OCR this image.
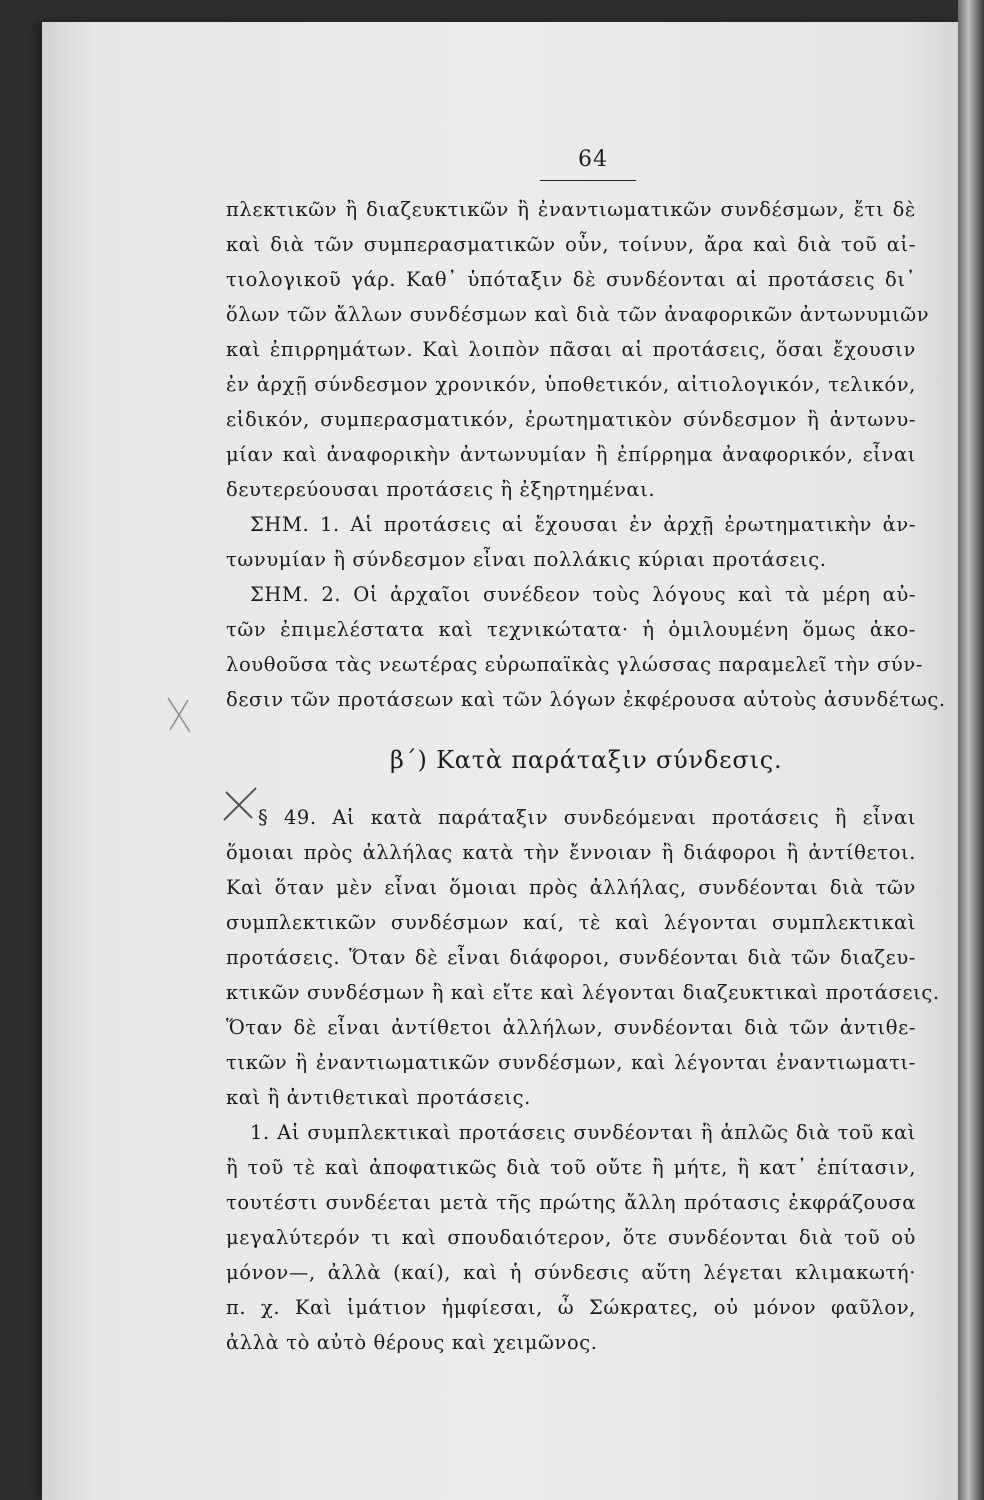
64
πλεκτικῶν ἢ διαζευκτικῶν ἢ ἐναντιωματικῶν συνδέσμων, ἔτι δὲ
καὶ διὰ τῶν συμπερασματικῶν οὖν, τοίνυν, ἄρα καὶ διὰ τοῦ αἰ-
τιολογικοῦ γάρ. Καθ᾽ ὑπόταξιν δὲ συνδέονται αἱ προτάσεις δι᾽
ὅλων τῶν ἄλλων συνδέσμων καὶ διὰ τῶν ἀναφορικῶν ἀντωνυμιῶν
καὶ ἐπιρρημάτων. Καὶ λοιπὸν πᾶσαι αἱ προτάσεις, ὅσαι ἔχουσιν
ἐν ἀρχῇ σύνδεσμον χρονικόν, ὑποθετικόν, αἰτιολογικόν, τελικόν,
εἰδικόν, συμπερασματικόν, ἐρωτηματικὸν σύνδεσμον ἢ ἀντωνυ-
μίαν καὶ ἀναφορικὴν ἀντωνυμίαν ἢ ἐπίρρημα ἀναφορικόν, εἶναι
δευτερεύουσαι προτάσεις ἢ ἐξηρτημέναι.
ΣΗΜ. 1. Αἱ προτάσεις αἱ ἔχουσαι ἐν ἀρχῇ ἐρωτηματικὴν ἀν-
τωνυμίαν ἢ σύνδεσμον εἶναι πολλάκις κύριαι προτάσεις.
ΣΗΜ. 2. Οἱ ἀρχαῖοι συνέδεον τοὺς λόγους καὶ τὰ μέρη αὐ-
τῶν ἐπιμελέστατα καὶ τεχνικώτατα· ἡ ὁμιλουμένη ὅμως ἀκο-
λουθοῦσα τὰς νεωτέρας εὐρωπαϊκὰς γλώσσας παραμελεῖ τὴν σύν-
δεσιν τῶν προτάσεων καὶ τῶν λόγων ἐκφέρουσα αὐτοὺς ἀσυνδέτως.
β΄) Κατὰ παράταξιν σύνδεσις.
§ 49. Αἱ κατὰ παράταξιν συνδεόμεναι προτάσεις ἢ εἶναι
ὅμοιαι πρὸς ἀλλήλας κατὰ τὴν ἔννοιαν ἢ διάφοροι ἢ ἀντίθετοι.
Καὶ ὅταν μὲν εἶναι ὅμοιαι πρὸς ἀλλήλας, συνδέονται διὰ τῶν
συμπλεκτικῶν συνδέσμων καί, τὲ καὶ λέγονται συμπλεκτικαὶ
προτάσεις. Ὅταν δὲ εἶναι διάφοροι, συνδέονται διὰ τῶν διαζευ-
κτικῶν συνδέσμων ἢ καὶ εἴτε καὶ λέγονται διαζευκτικαὶ προτάσεις.
Ὅταν δὲ εἶναι ἀντίθετοι ἀλλήλων, συνδέονται διὰ τῶν ἀντιθε-
τικῶν ἢ ἐναντιωματικῶν συνδέσμων, καὶ λέγονται ἐναντιωματι-
καὶ ἢ ἀντιθετικαὶ προτάσεις.
1. Αἱ συμπλεκτικαὶ προτάσεις συνδέονται ἢ ἁπλῶς διὰ τοῦ καὶ
ἢ τοῦ τὲ καὶ ἀποφατικῶς διὰ τοῦ οὔτε ἢ μήτε, ἢ κατ᾽ ἐπίτασιν,
τουτέστι συνδέεται μετὰ τῆς πρώτης ἄλλη πρότασις ἐκφράζουσα
μεγαλύτερόν τι καὶ σπουδαιότερον, ὅτε συνδέονται διὰ τοῦ οὐ
μόνον—, ἀλλὰ (καί), καὶ ἡ σύνδεσις αὕτη λέγεται κλιμακωτή·
π. χ. Καὶ ἱμάτιον ἠμφίεσαι, ὦ Σώκρατες, οὐ μόνον φαῦλον,
ἀλλὰ τὸ αὐτὸ θέρους καὶ χειμῶνος.
